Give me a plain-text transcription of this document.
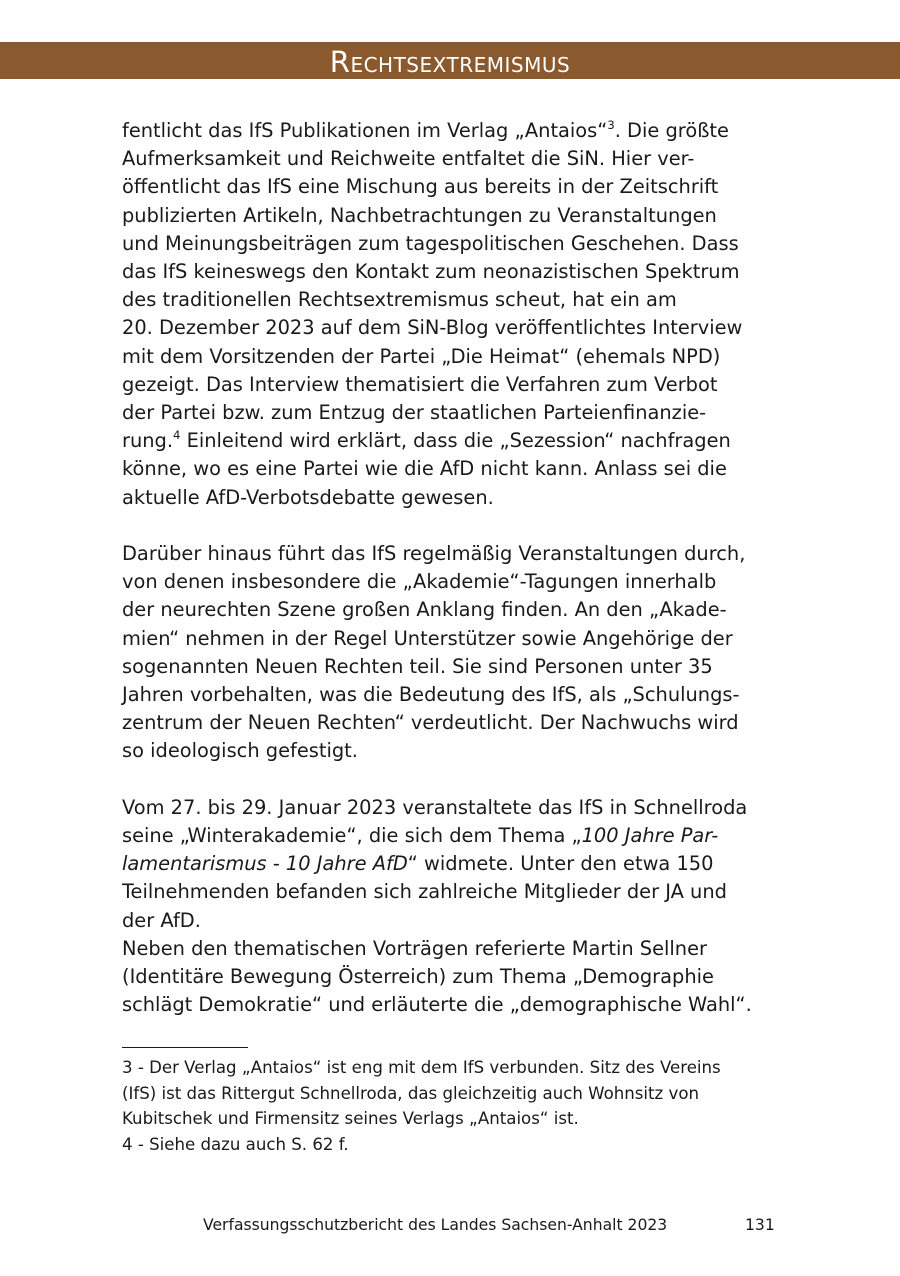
Rechtsextremismus
fentlicht das IfS Publikationen im Verlag „Antaios“$^3$. Die größte
Aufmerksamkeit und Reichweite entfaltet die SiN. Hier ver-
öffentlicht das IfS eine Mischung aus bereits in der Zeitschrift
publizierten Artikeln, Nachbetrachtungen zu Veranstaltungen
und Meinungsbeiträgen zum tagespolitischen Geschehen. Dass
das IfS keineswegs den Kontakt zum neonazistischen Spektrum
des traditionellen Rechtsextremismus scheut, hat ein am
20. Dezember 2023 auf dem SiN-Blog veröffentlichtes Interview
mit dem Vorsitzenden der Partei „Die Heimat“ (ehemals NPD)
gezeigt. Das Interview thematisiert die Verfahren zum Verbot
der Partei bzw. zum Entzug der staatlichen Parteienfinanzie-
rung.$^4$ Einleitend wird erklärt, dass die „Sezession“ nachfragen
könne, wo es eine Partei wie die AfD nicht kann. Anlass sei die
aktuelle AfD-Verbotsdebatte gewesen.
Darüber hinaus führt das IfS regelmäßig Veranstaltungen durch,
von denen insbesondere die „Akademie“-Tagungen innerhalb
der neurechten Szene großen Anklang finden. An den „Akade-
mien“ nehmen in der Regel Unterstützer sowie Angehörige der
sogenannten Neuen Rechten teil. Sie sind Personen unter 35
Jahren vorbehalten, was die Bedeutung des IfS, als „Schulungs-
zentrum der Neuen Rechten“ verdeutlicht. Der Nachwuchs wird
so ideologisch gefestigt.
Vom 27. bis 29. Januar 2023 veranstaltete das IfS in Schnellroda
seine „Winterakademie“, die sich dem Thema „100 Jahre Par-
lamentarismus - 10 Jahre AfD“ widmete. Unter den etwa 150
Teilnehmenden befanden sich zahlreiche Mitglieder der JA und
der AfD.
Neben den thematischen Vorträgen referierte Martin Sellner
(Identitäre Bewegung Österreich) zum Thema „Demographie
schlägt Demokratie“ und erläuterte die „demographische Wahl“.
3 - Der Verlag „Antaios“ ist eng mit dem IfS verbunden. Sitz des Vereins
(IfS) ist das Rittergut Schnellroda, das gleichzeitig auch Wohnsitz von
Kubitschek und Firmensitz seines Verlags „Antaios“ ist.
4 - Siehe dazu auch S. 62 f.
Verfassungsschutzbericht des Landes Sachsen-Anhalt 2023	131
